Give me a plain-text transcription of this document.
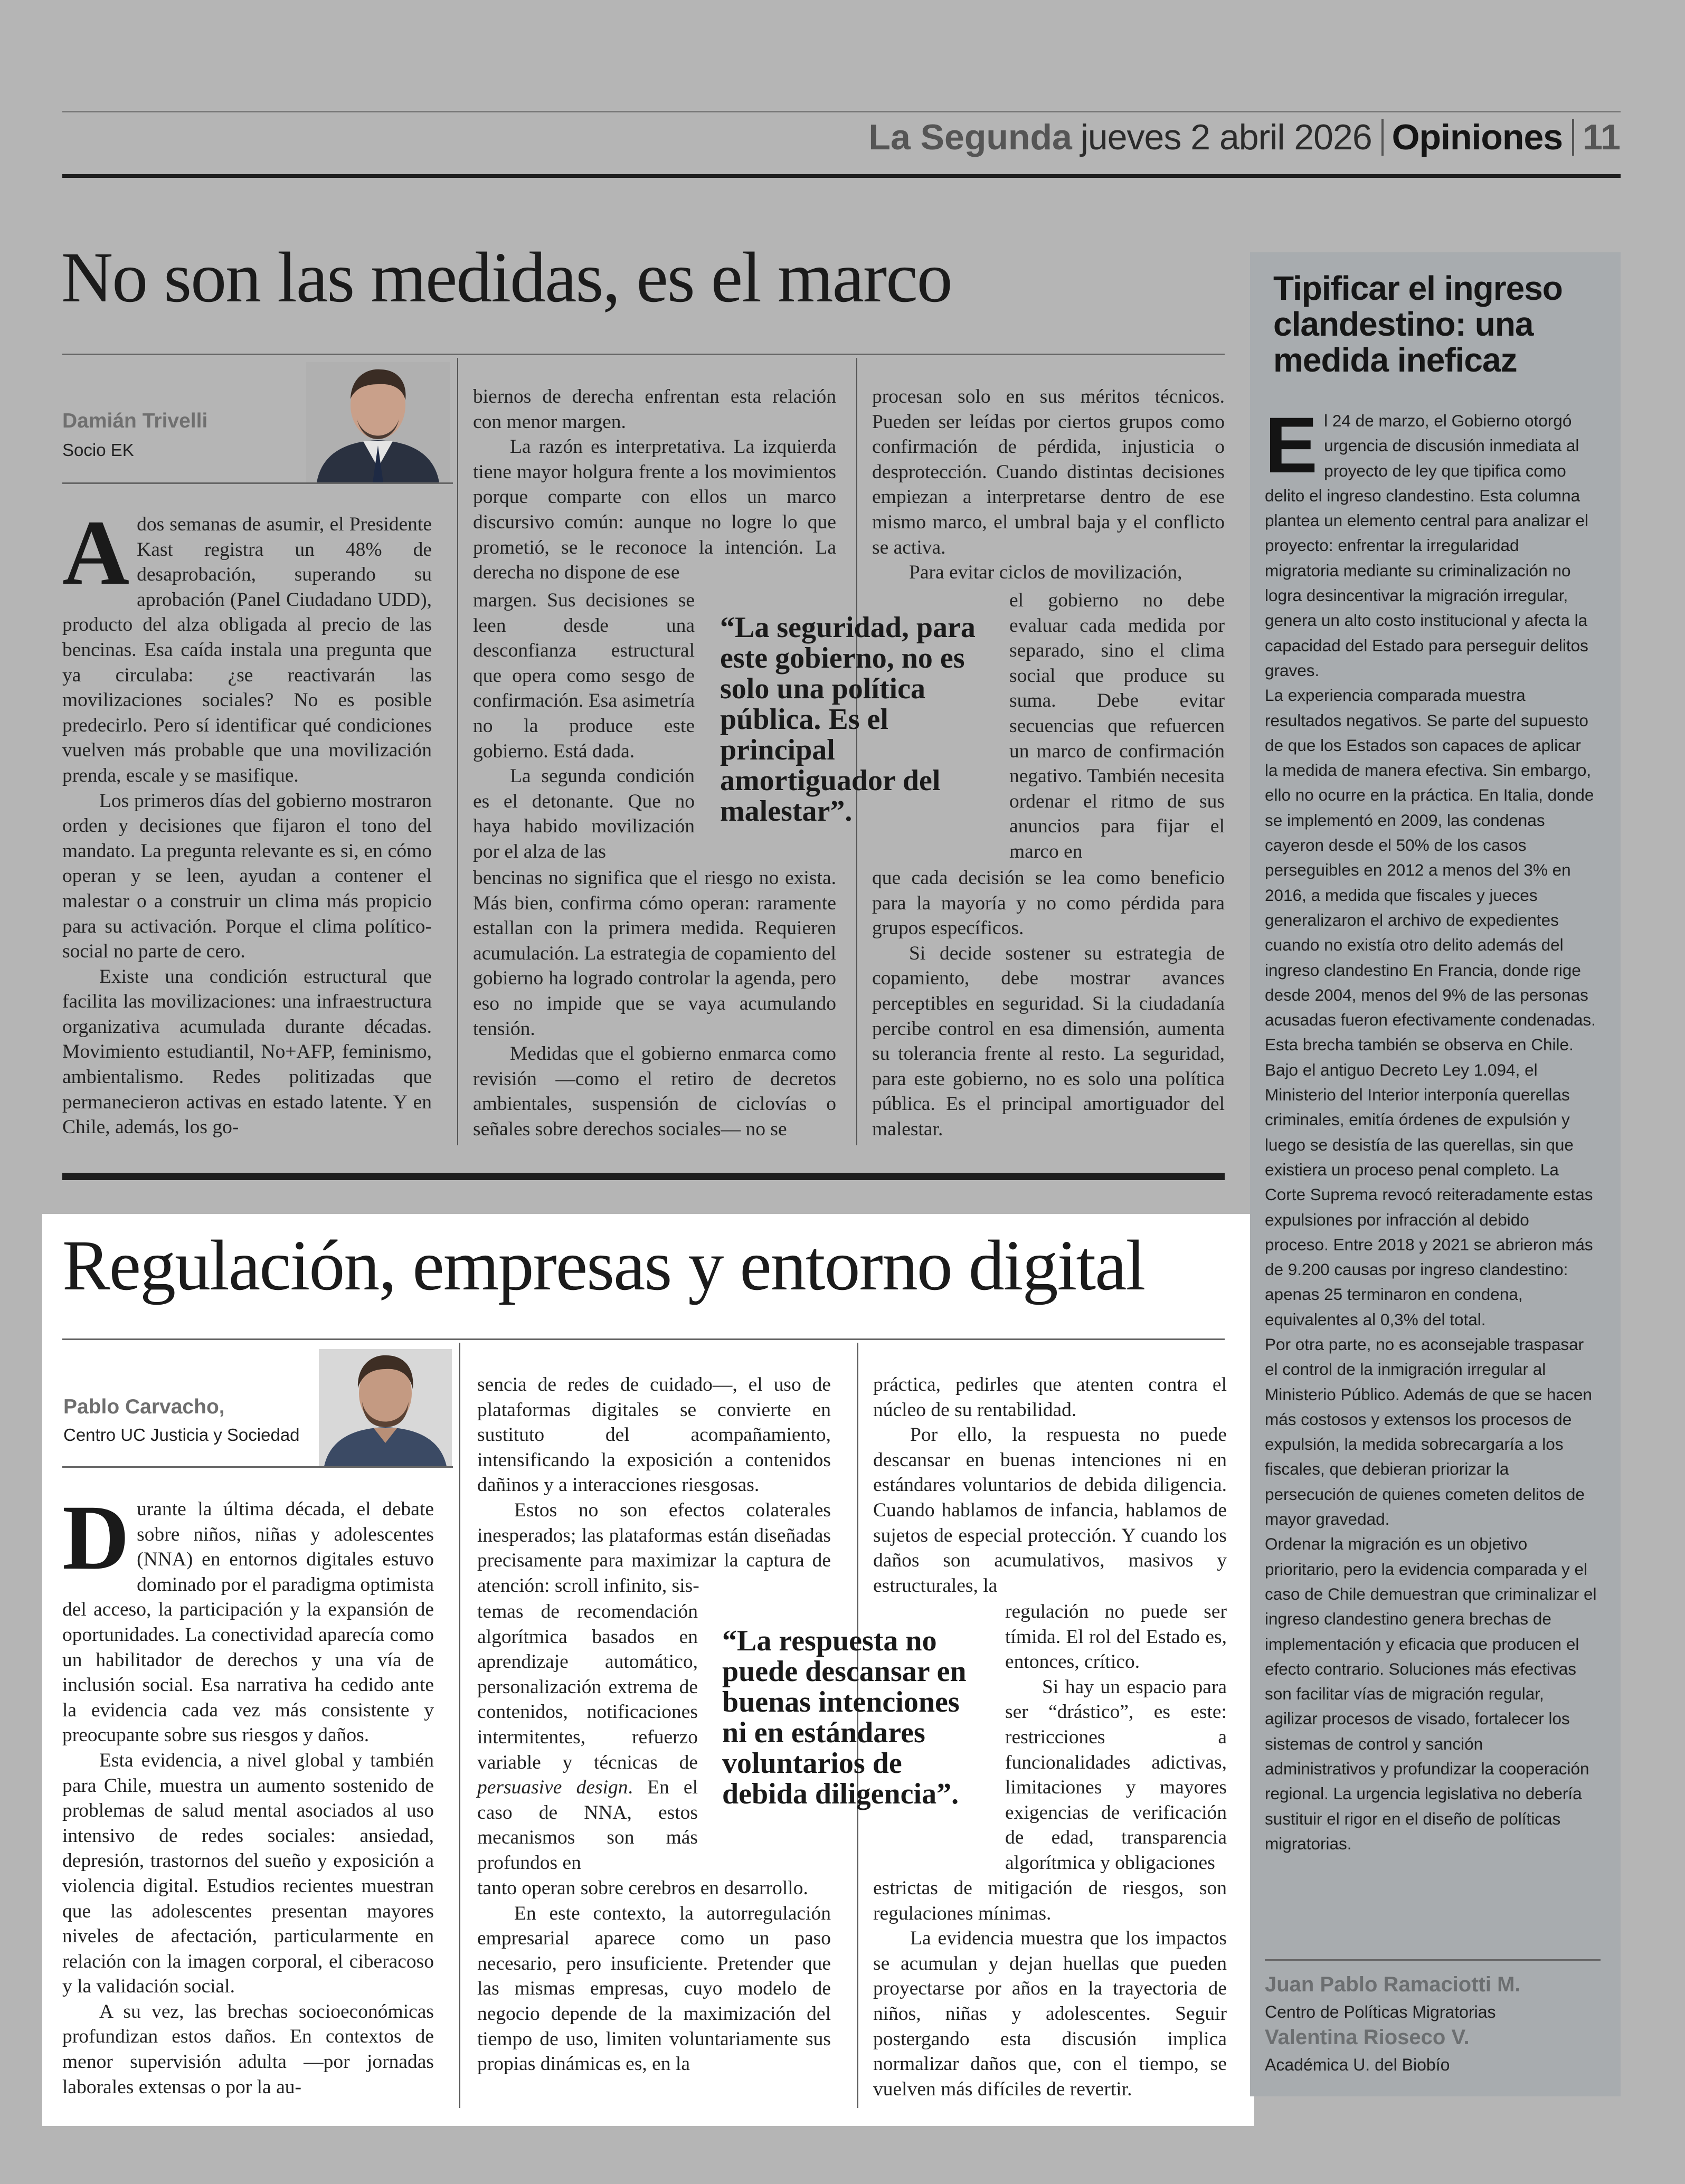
La Segunda jueves 2 abril 2026 Opiniones 11
No son las medidas, es el marco
Damián Trivelli
Socio EK

Ados semanas de asumir, el Presidente Kast registra un 48% de desaprobación, superando su aprobación (Panel Ciudadano UDD), producto del alza obligada al precio de las bencinas. Esa caída instala una pregunta que ya circulaba: ¿se reactivarán las movilizaciones sociales? No es posible predecirlo. Pero sí identificar qué condiciones vuelven más probable que una movilización prenda, escale y se masifique.

Los primeros días del gobierno mostraron orden y decisiones que fijaron el tono del mandato. La pregunta relevante es si, en cómo operan y se leen, ayudan a contener el malestar o a construir un clima más propicio para su activación. Porque el clima político-social no parte de cero.

Existe una condición estructural que facilita las movilizaciones: una infraestructura organizativa acumulada durante décadas. Movimiento estudiantil, No+AFP, feminismo, ambientalismo. Redes politizadas que permanecieron activas en estado latente. Y en Chile, además, los go-

biernos de derecha enfrentan esta relación con menor margen.

La razón es interpretativa. La izquierda tiene mayor holgura frente a los movimientos porque comparte con ellos un marco discursivo común: aunque no logre lo que prometió, se le reconoce la intención. La derecha no dispone de ese

margen. Sus decisiones se leen desde una desconfianza estructural que opera como sesgo de confirmación. Esa asimetría no la produce este gobierno. Está dada.

La segunda condición es el detonante. Que no haya habido movilización por el alza de las

bencinas no significa que el riesgo no exista. Más bien, confirma cómo operan: raramente estallan con la primera medida. Requieren acumulación. La estrategia de copamiento del gobierno ha logrado controlar la agenda, pero eso no impide que se vaya acumulando tensión.

Medidas que el gobierno enmarca como revisión —como el retiro de decretos ambientales, suspensión de ciclovías o señales sobre derechos sociales— no se

“La seguridad, para este gobierno, no es solo una política pública. Es el principal amortiguador del malestar”.

procesan solo en sus méritos técnicos. Pueden ser leídas por ciertos grupos como confirmación de pérdida, injusticia o desprotección. Cuando distintas decisiones empiezan a interpretarse dentro de ese mismo marco, el umbral baja y el conflicto se activa.

Para evitar ciclos de movilización,

el gobierno no debe evaluar cada medida por separado, sino el clima social que produce su suma. Debe evitar secuencias que refuercen un marco de confirmación negativo. También necesita ordenar el ritmo de sus anuncios para fijar el marco en

que cada decisión se lea como beneficio para la mayoría y no como pérdida para grupos específicos.

Si decide sostener su estrategia de copamiento, debe mostrar avances perceptibles en seguridad. Si la ciudadanía percibe control en esa dimensión, aumenta su tolerancia frente al resto. La seguridad, para este gobierno, no es solo una política pública. Es el principal amortiguador del malestar.

Regulación, empresas y entorno digital
Pablo Carvacho,
Centro UC Justicia y Sociedad

Durante la última década, el debate sobre niños, niñas y adolescentes (NNA) en entornos digitales estuvo dominado por el paradigma optimista del acceso, la participación y la expansión de oportunidades. La conectividad aparecía como un habilitador de derechos y una vía de inclusión social. Esa narrativa ha cedido ante la evidencia cada vez más consistente y preocupante sobre sus riesgos y daños.

Esta evidencia, a nivel global y también para Chile, muestra un aumento sostenido de problemas de salud mental asociados al uso intensivo de redes sociales: ansiedad, depresión, trastornos del sueño y exposición a violencia digital. Estudios recientes muestran que las adolescentes presentan mayores niveles de afectación, particularmente en relación con la imagen corporal, el ciberacoso y la validación social.

A su vez, las brechas socioeconómicas profundizan estos daños. En contextos de menor supervisión adulta —por jornadas laborales extensas o por la au-

sencia de redes de cuidado—, el uso de plataformas digitales se convierte en sustituto del acompañamiento, intensificando la exposición a contenidos dañinos y a interacciones riesgosas.

Estos no son efectos colaterales inesperados; las plataformas están diseñadas precisamente para maximizar la captura de atención: scroll infinito, sis-

temas de recomendación algorítmica basados en aprendizaje automático, personalización extrema de contenidos, notificaciones intermitentes, refuerzo variable y técnicas de persuasive design. En el caso de NNA, estos mecanismos son más profundos en

tanto operan sobre cerebros en desarrollo.

En este contexto, la autorregulación empresarial aparece como un paso necesario, pero insuficiente. Pretender que las mismas empresas, cuyo modelo de negocio depende de la maximización del tiempo de uso, limiten voluntariamente sus propias dinámicas es, en la

“La respuesta no puede descansar en buenas intenciones ni en estándares voluntarios de debida diligencia”.

práctica, pedirles que atenten contra el núcleo de su rentabilidad.

Por ello, la respuesta no puede descansar en buenas intenciones ni en estándares voluntarios de debida diligencia. Cuando hablamos de infancia, hablamos de sujetos de especial protección. Y cuando los daños son acumulativos, masivos y estructurales, la

regulación no puede ser tímida. El rol del Estado es, entonces, crítico.

Si hay un espacio para ser “drástico”, es este: restricciones a funcionalidades adictivas, limitaciones y mayores exigencias de verificación de edad, transparencia algorítmica y obligaciones

estrictas de mitigación de riesgos, son regulaciones mínimas.

La evidencia muestra que los impactos se acumulan y dejan huellas que pueden proyectarse por años en la trayectoria de niños, niñas y adolescentes. Seguir postergando esta discusión implica normalizar daños que, con el tiempo, se vuelven más difíciles de revertir.

Tipificar el ingreso clandestino: una medida ineficaz

El 24 de marzo, el Gobierno otorgó urgencia de discusión inmediata al proyecto de ley que tipifica como delito el ingreso clandestino. Esta columna plantea un elemento central para analizar el proyecto: enfrentar la irregularidad migratoria mediante su criminalización no logra desincentivar la migración irregular, genera un alto costo institucional y afecta la capacidad del Estado para perseguir delitos graves.

La experiencia comparada muestra resultados negativos. Se parte del supuesto de que los Estados son capaces de aplicar la medida de manera efectiva. Sin embargo, ello no ocurre en la práctica. En Italia, donde se implementó en 2009, las condenas cayeron desde el 50% de los casos perseguibles en 2012 a menos del 3% en 2016, a medida que fiscales y jueces generalizaron el archivo de expedientes cuando no existía otro delito además del ingreso clandestino En Francia, donde rige desde 2004, menos del 9% de las personas acusadas fueron efectivamente condenadas.

Esta brecha también se observa en Chile. Bajo el antiguo Decreto Ley 1.094, el Ministerio del Interior interponía querellas criminales, emitía órdenes de expulsión y luego se desistía de las querellas, sin que existiera un proceso penal completo. La Corte Suprema revocó reiteradamente estas expulsiones por infracción al debido proceso. Entre 2018 y 2021 se abrieron más de 9.200 causas por ingreso clandestino: apenas 25 terminaron en condena, equivalentes al 0,3% del total.

Por otra parte, no es aconsejable traspasar el control de la inmigración irregular al Ministerio Público. Además de que se hacen más costosos y extensos los procesos de expulsión, la medida sobrecargaría a los fiscales, que debieran priorizar la persecución de quienes cometen delitos de mayor gravedad.

Ordenar la migración es un objetivo prioritario, pero la evidencia comparada y el caso de Chile demuestran que criminalizar el ingreso clandestino genera brechas de implementación y eficacia que producen el efecto contrario. Soluciones más efectivas son facilitar vías de migración regular, agilizar procesos de visado, fortalecer los sistemas de control y sanción administrativos y profundizar la cooperación regional. La urgencia legislativa no debería sustituir el rigor en el diseño de políticas migratorias.

Juan Pablo Ramaciotti M.
Centro de Políticas Migratorias
Valentina Rioseco V.
Académica U. del Biobío
